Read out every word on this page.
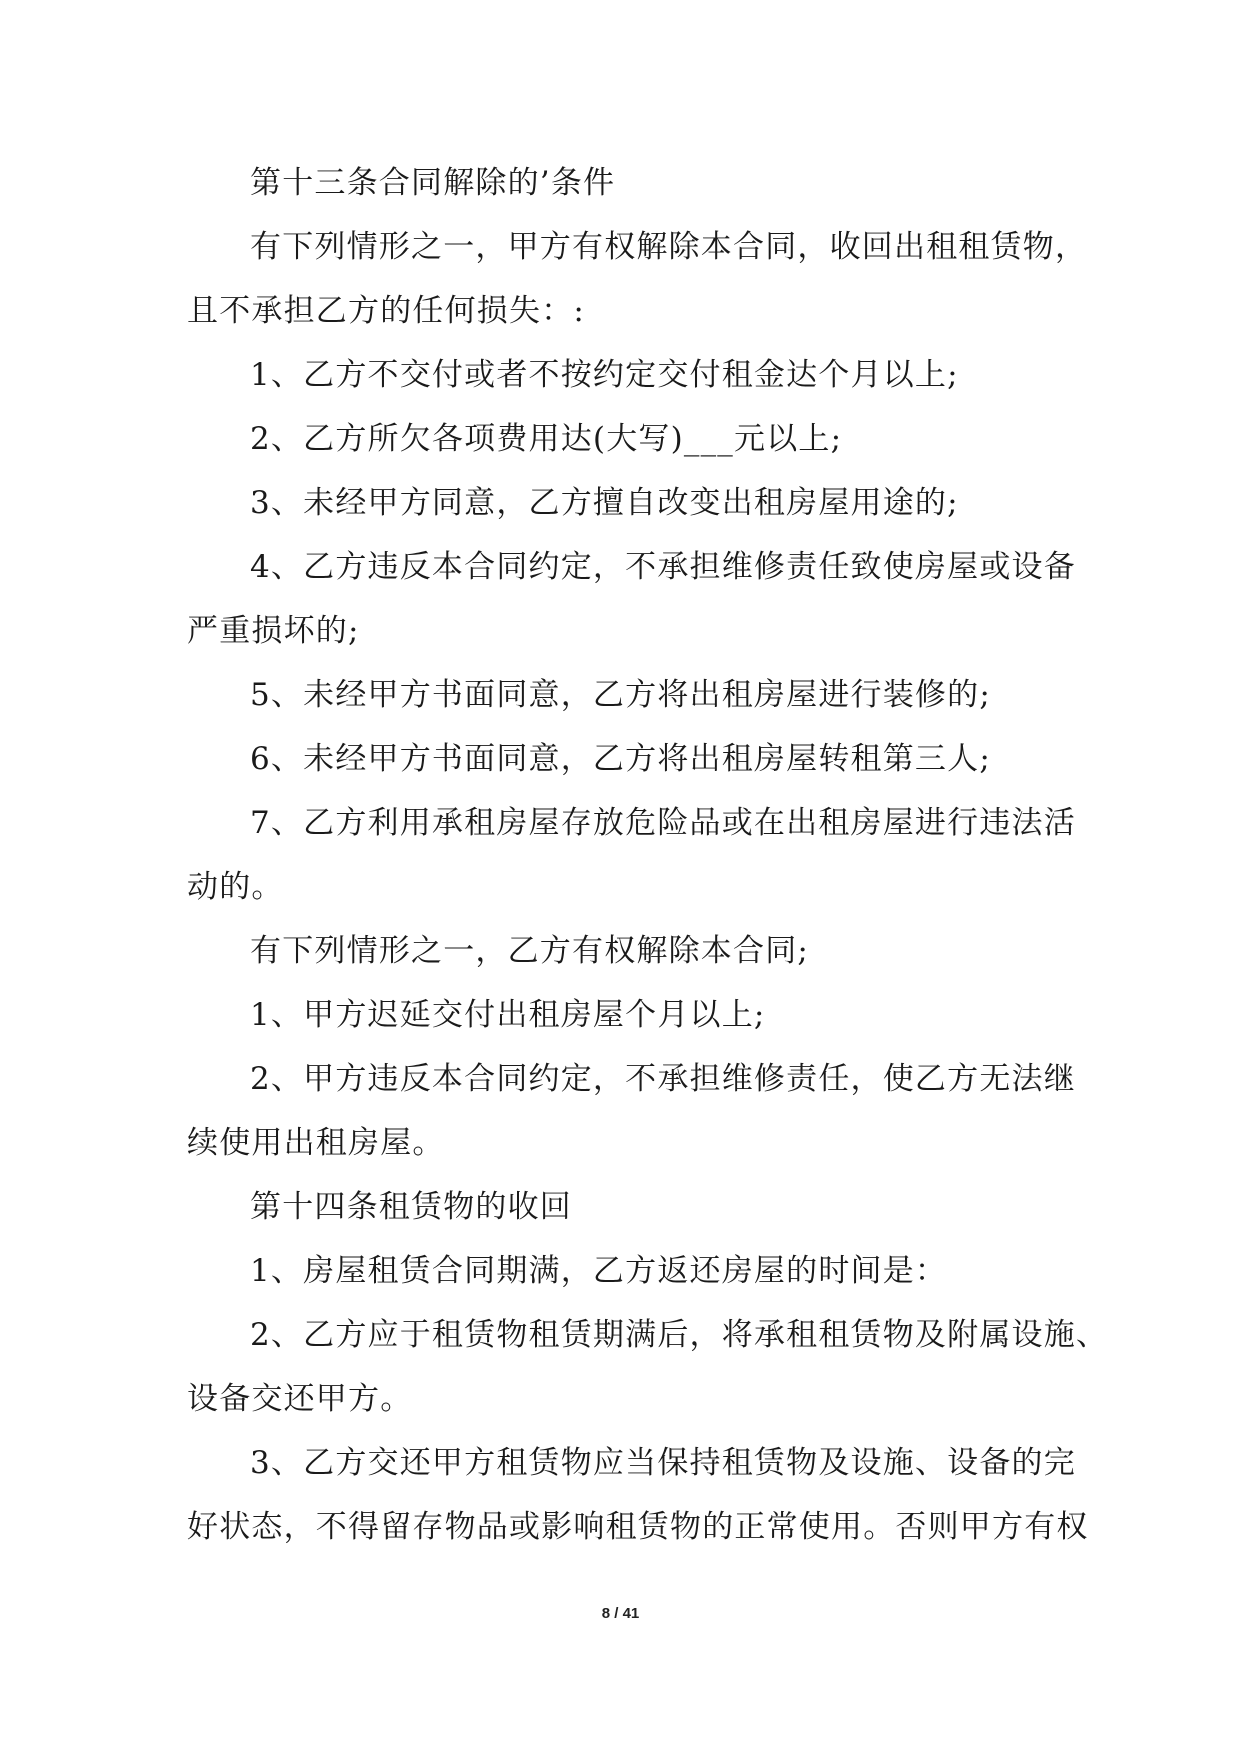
第十三条合同解除的’条件
有下列情形之一，甲方有权解除本合同，收回出租租赁物，
且不承担乙方的任何损失：:
1、乙方不交付或者不按约定交付租金达个月以上;
2、乙方所欠各项费用达(大写)___元以上;
3、未经甲方同意，乙方擅自改变出租房屋用途的;
4、乙方违反本合同约定，不承担维修责任致使房屋或设备
严重损坏的;
5、未经甲方书面同意，乙方将出租房屋进行装修的;
6、未经甲方书面同意，乙方将出租房屋转租第三人;
7、乙方利用承租房屋存放危险品或在出租房屋进行违法活
动的。
有下列情形之一，乙方有权解除本合同;
1、甲方迟延交付出租房屋个月以上;
2、甲方违反本合同约定，不承担维修责任，使乙方无法继
续使用出租房屋。
第十四条租赁物的收回
1、房屋租赁合同期满，乙方返还房屋的时间是：
2、乙方应于租赁物租赁期满后，将承租租赁物及附属设施、
设备交还甲方。
3、乙方交还甲方租赁物应当保持租赁物及设施、设备的完
好状态，不得留存物品或影响租赁物的正常使用。否则甲方有权
8 / 41
